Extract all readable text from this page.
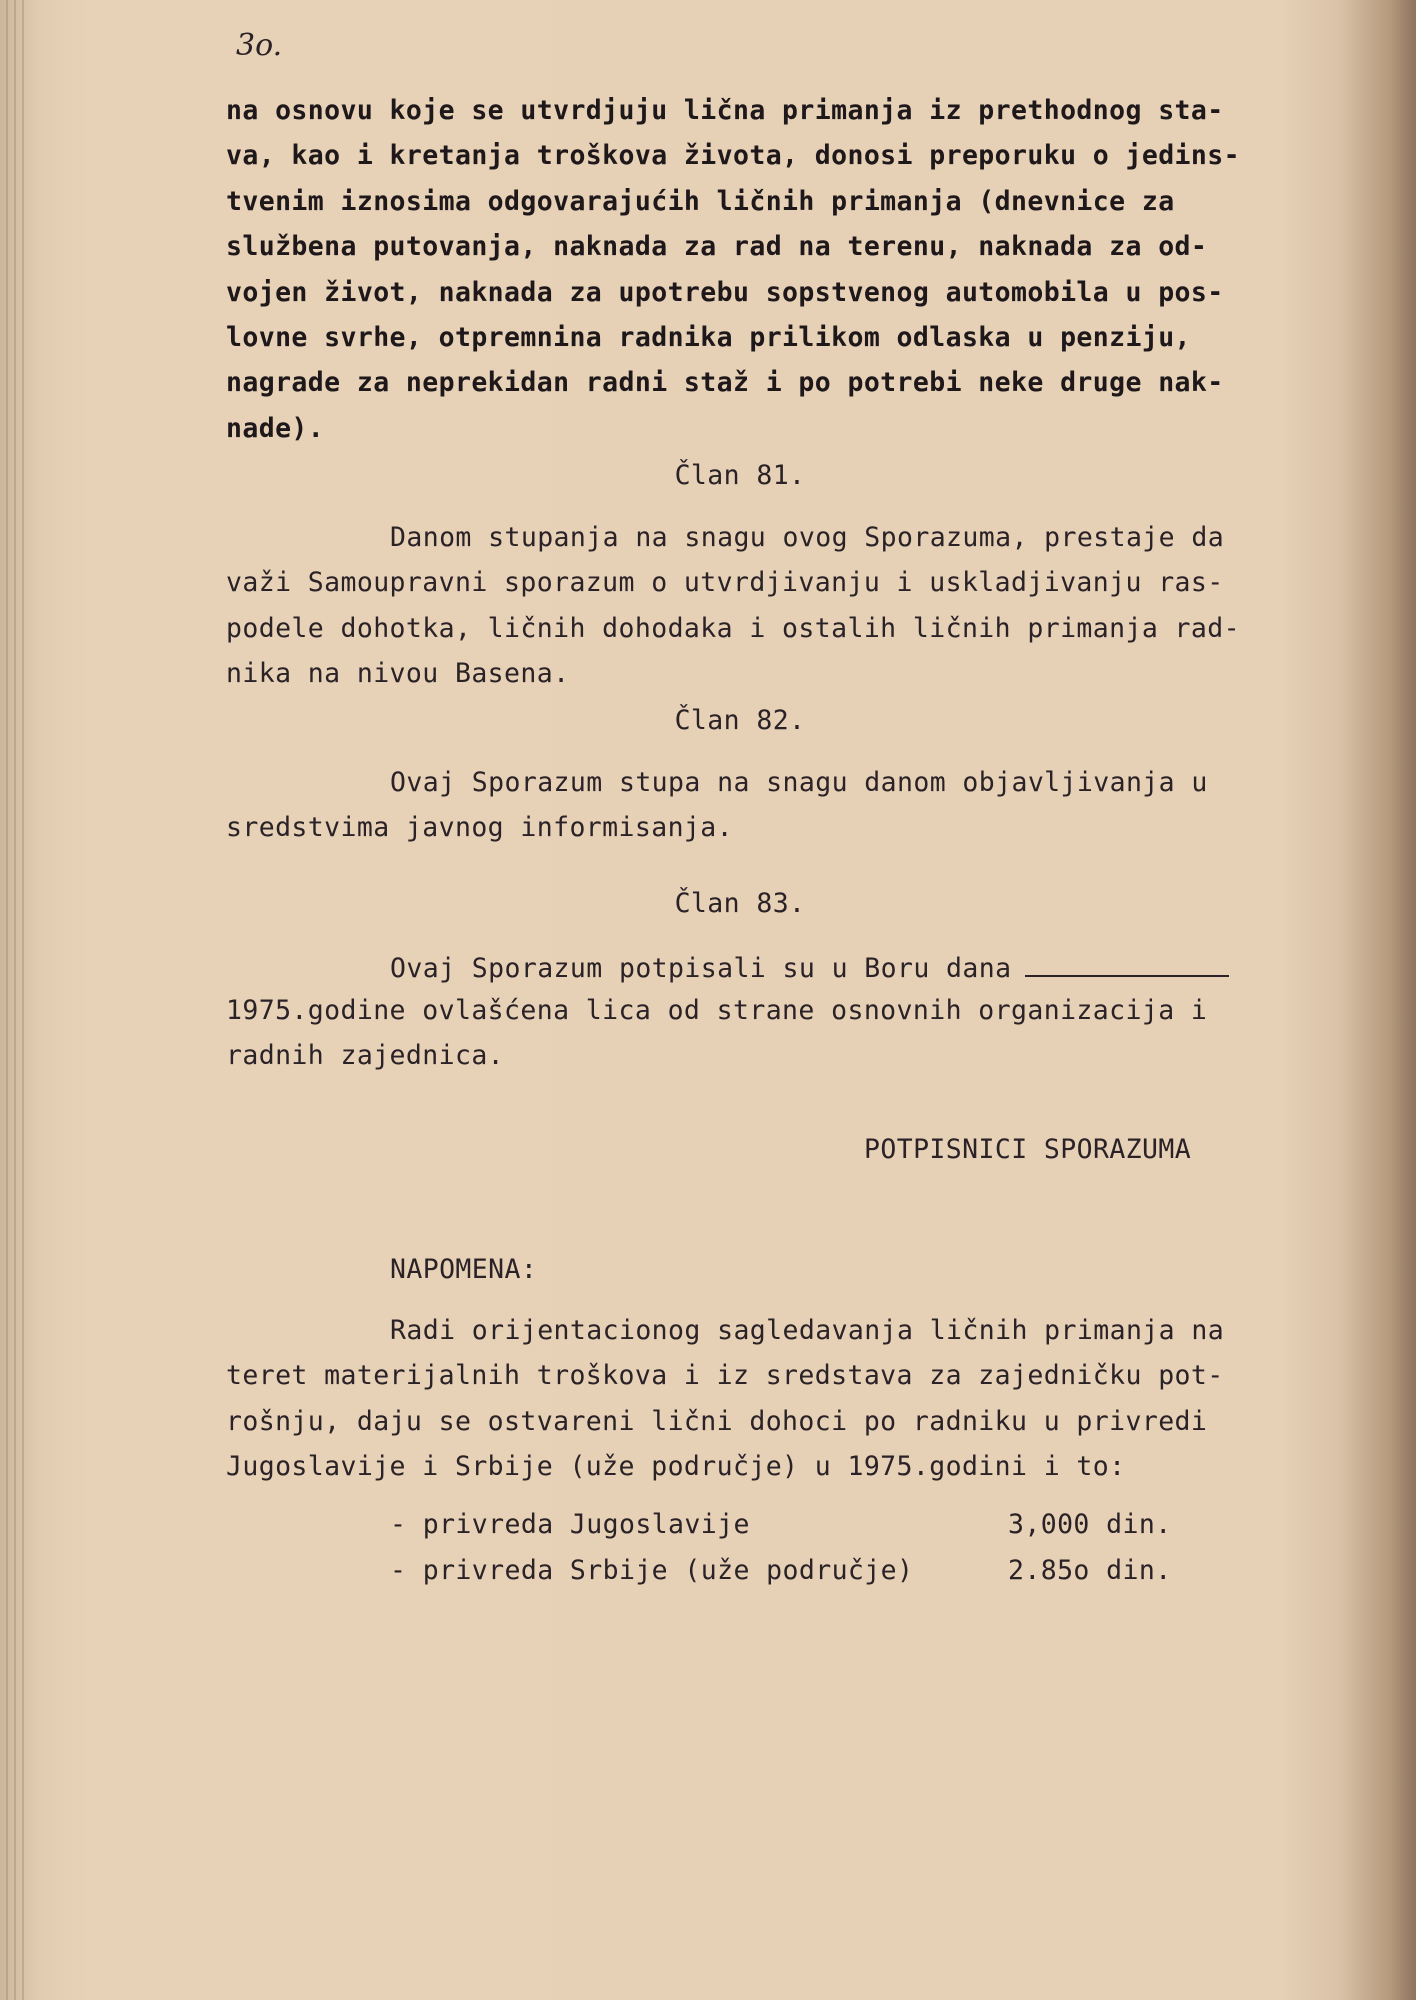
3o.
na osnovu koje se utvrdjuju lična primanja iz prethodnog sta-
va, kao i kretanja troškova života, donosi preporuku o jedins-
tvenim iznosima odgovarajućih ličnih primanja (dnevnice za
službena putovanja, naknada za rad na terenu, naknada za od-
vojen život, naknada za upotrebu sopstvenog automobila u pos-
lovne svrhe, otpremnina radnika prilikom odlaska u penziju,
nagrade za neprekidan radni staž i po potrebi neke druge nak-
nade).
Član 81.
Danom stupanja na snagu ovog Sporazuma, prestaje da
važi Samoupravni sporazum o utvrdjivanju i uskladjivanju ras-
podele dohotka, ličnih dohodaka i ostalih ličnih primanja rad-
nika na nivou Basena.
Član 82.
Ovaj Sporazum stupa na snagu danom objavljivanja u
sredstvima javnog informisanja.
Član 83.
Ovaj Sporazum potpisali su u Boru dana
1975.godine ovlašćena lica od strane osnovnih organizacija i
radnih zajednica.
POTPISNICI SPORAZUMA
NAPOMENA:
Radi orijentacionog sagledavanja ličnih primanja na
teret materijalnih troškova i iz sredstava za zajedničku pot-
rošnju, daju se ostvareni lični dohoci po radniku u privredi
Jugoslavije i Srbije (uže područje) u 1975.godini i to:
- privreda Jugoslavije	3,000 din.
- privreda Srbije (uže područje)	2.85o din.
